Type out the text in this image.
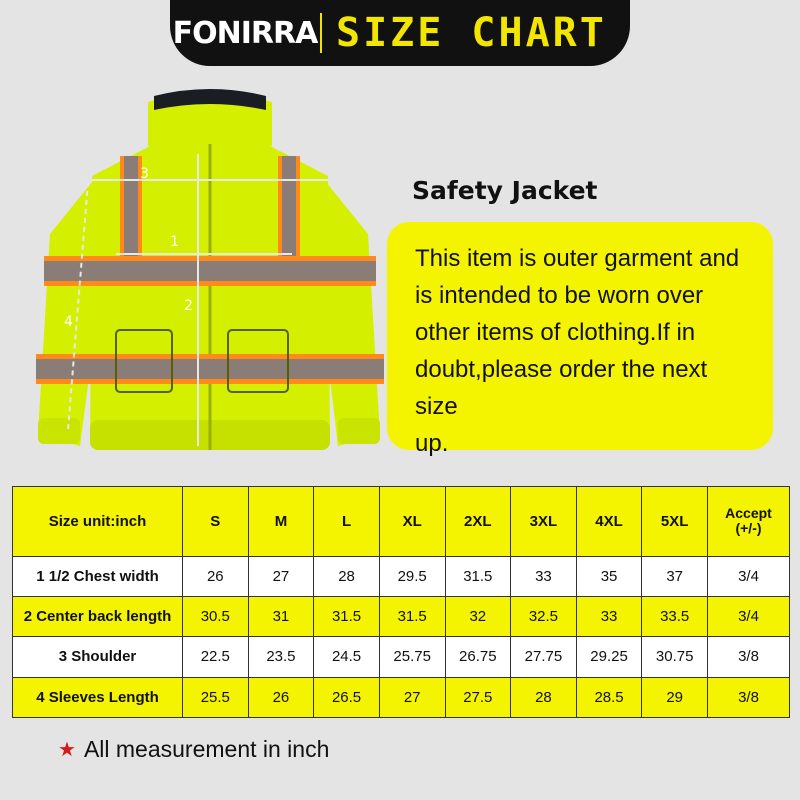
FONIRRA SIZE CHART
3
1
2
4
Safety Jacket
This item is outer garment and
is intended to be worn over
other items of clothing.If in
doubt,please order the next size
up.
Size unit:inch	S	M	L	XL	2XL	3XL	4XL	5XL	Accept
(+/-)

1 1/2 Chest width	26	27	28	29.5	31.5	33	35	37	3/4
2 Center back length	30.5	31	31.5	31.5	32	32.5	33	33.5	3/4
3 Shoulder	22.5	23.5	24.5	25.75	26.75	27.75	29.25	30.75	3/8
4 Sleeves Length	25.5	26	26.5	27	27.5	28	28.5	29	3/8
★ All measurement in inch
